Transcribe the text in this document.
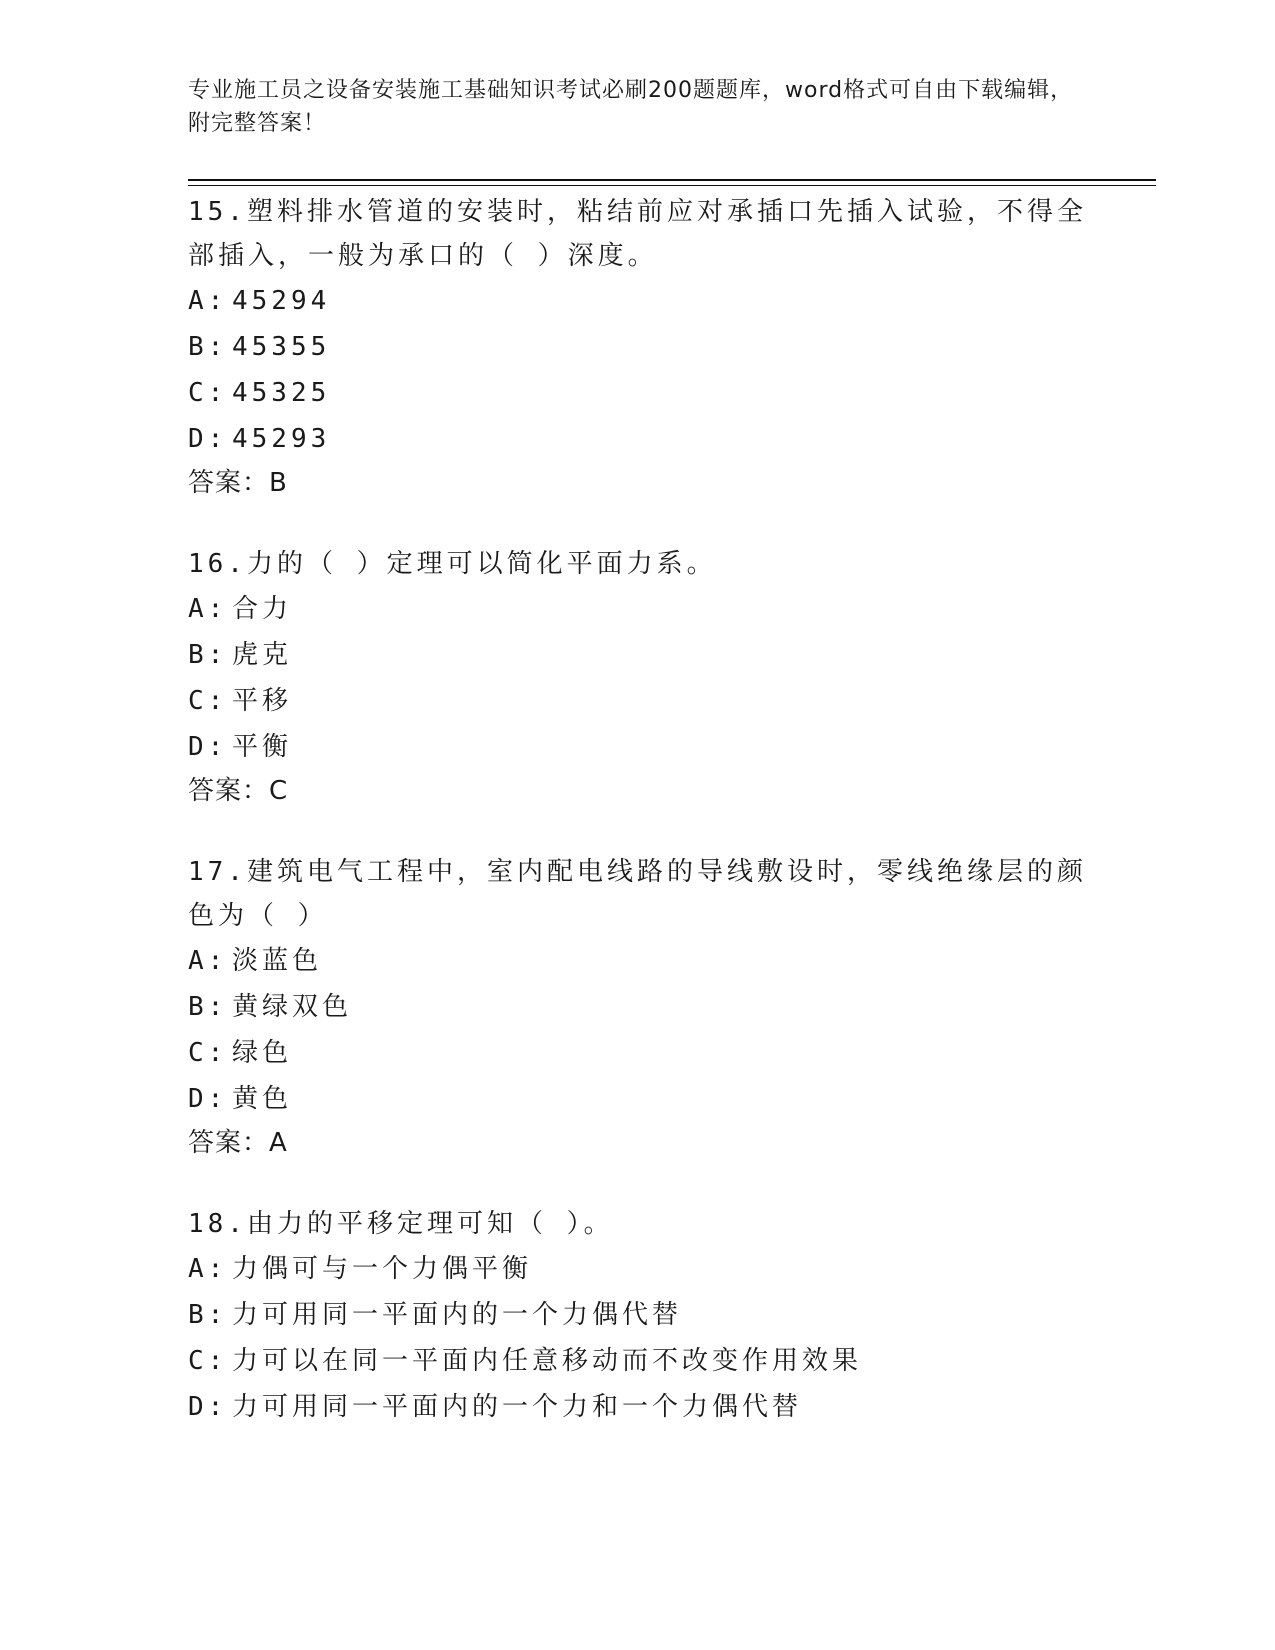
专业施工员之设备安装施工基础知识考试必刷200题题库，word格式可自由下载编辑，附完整答案！

15.塑料排水管道的安装时，粘结前应对承插口先插入试验，不得全部插入，一般为承口的（ ）深度。

A: 45294
B: 45355
C: 45325
D: 45293
答案：B

16.力的（ ）定理可以简化平面力系。

A: 合力
B: 虎克
C: 平移
D: 平衡
答案：C

17.建筑电气工程中，室内配电线路的导线敷设时，零线绝缘层的颜色为（ ）

A: 淡蓝色
B: 黄绿双色
C: 绿色
D: 黄色
答案：A

18.由力的平移定理可知（ ）。

A: 力偶可与一个力偶平衡
B: 力可用同一平面内的一个力偶代替
C: 力可以在同一平面内任意移动而不改变作用效果
D: 力可用同一平面内的一个力和一个力偶代替
